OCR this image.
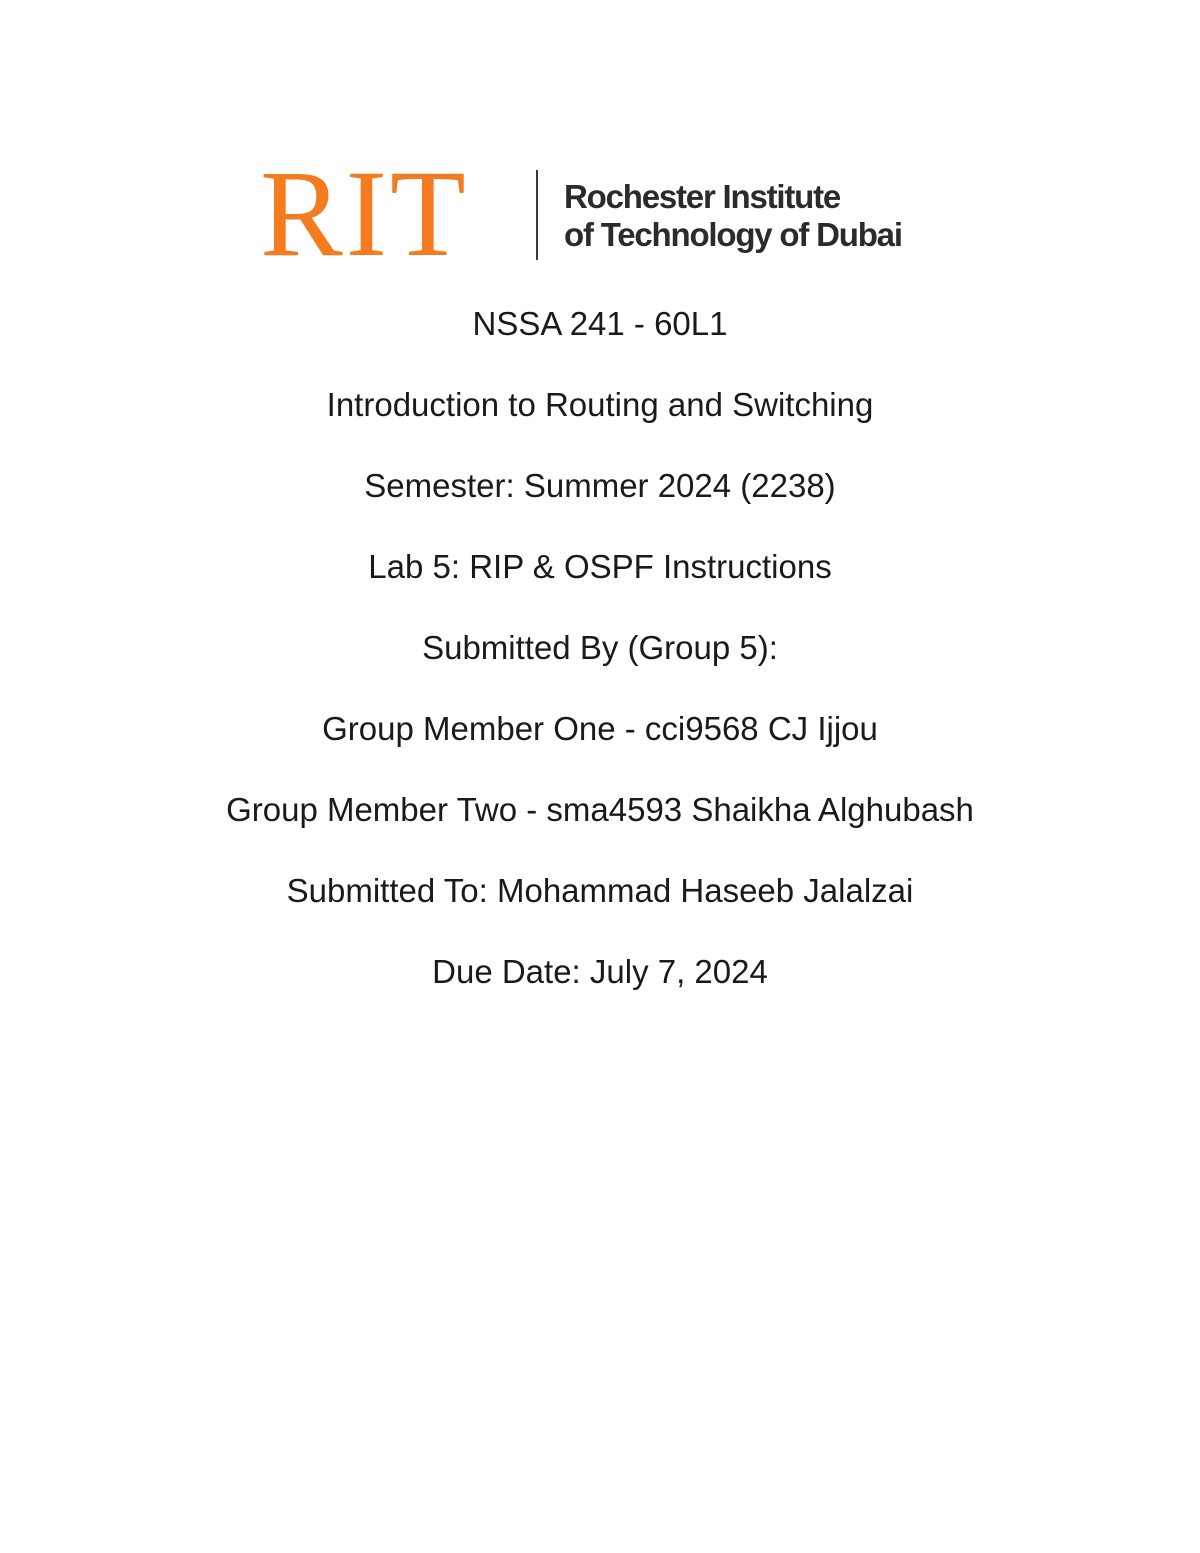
RIT	Rochester Institute
of Technology of Dubai

NSSA 241 - 60L1

Introduction to Routing and Switching

Semester: Summer 2024 (2238)

Lab 5: RIP & OSPF Instructions

Submitted By (Group 5):

Group Member One - cci9568 CJ Ijjou

Group Member Two - sma4593 Shaikha Alghubash

Submitted To: Mohammad Haseeb Jalalzai

Due Date: July 7, 2024
